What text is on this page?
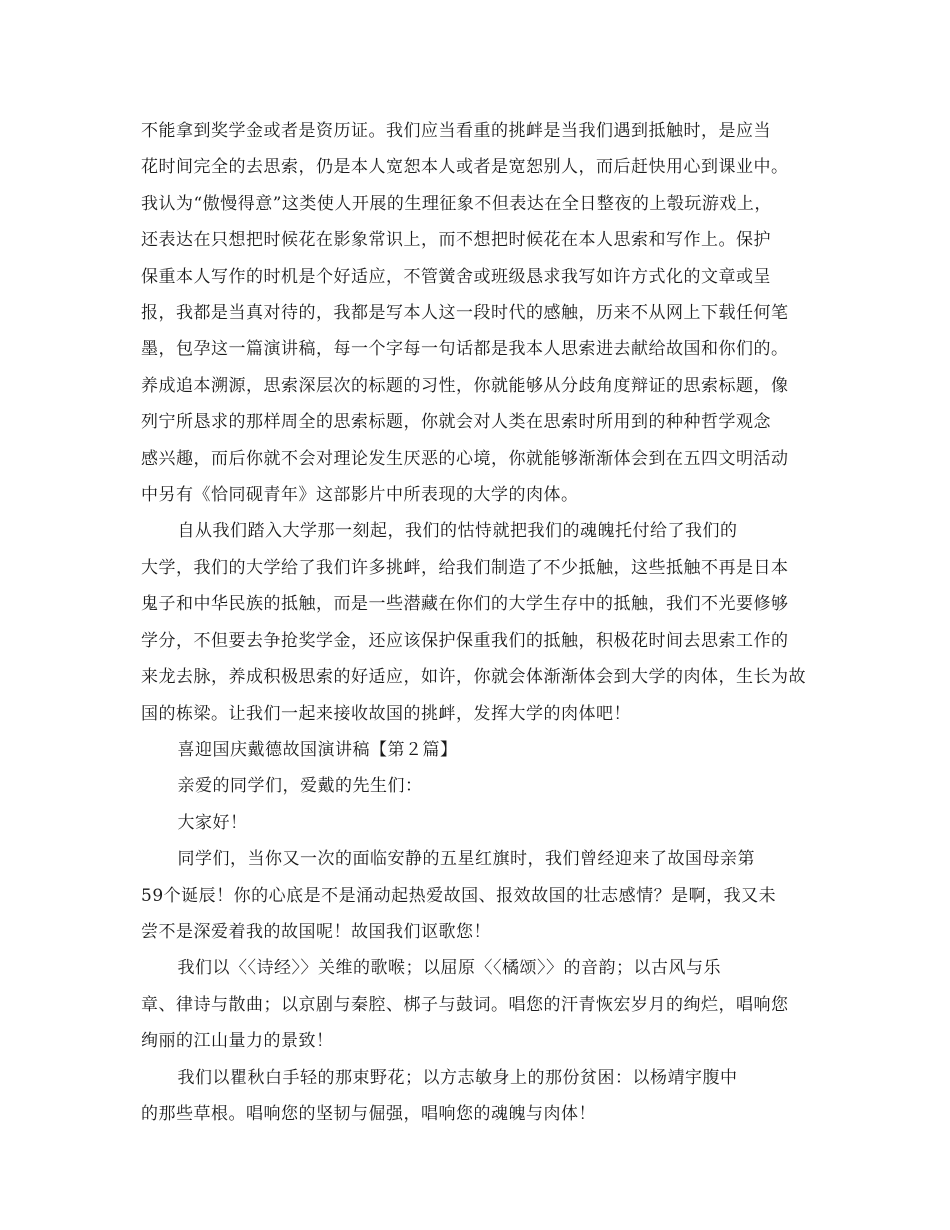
不能拿到奖学金或者是资历证。我们应当看重的挑衅是当我们遇到抵触时，是应当
花时间完全的去思索，仍是本人宽恕本人或者是宽恕别人，而后赶快用心到课业中。
我认为“傲慢得意”这类使人开展的生理征象不但表达在全日整夜的上彀玩游戏上，
还表达在只想把时候花在影象常识上，而不想把时候花在本人思索和写作上。保护
保重本人写作的时机是个好适应，不管黉舍或班级恳求我写如许方式化的文章或呈
报，我都是当真对待的，我都是写本人这一段时代的感触，历来不从网上下载任何笔
墨，包孕这一篇演讲稿，每一个字每一句话都是我本人思索进去献给故国和你们的。
养成追本溯源，思索深层次的标题的习性，你就能够从分歧角度辩证的思索标题，像
列宁所恳求的那样周全的思索标题，你就会对人类在思索时所用到的种种哲学观念
感兴趣，而后你就不会对理论发生厌恶的心境，你就能够渐渐体会到在五四文明活动
中另有《恰同砚青年》这部影片中所表现的大学的肉体。

自从我们踏入大学那一刻起，我们的怙恃就把我们的魂魄托付给了我们的
大学，我们的大学给了我们许多挑衅，给我们制造了不少抵触，这些抵触不再是日本
鬼子和中华民族的抵触，而是一些潜藏在你们的大学生存中的抵触，我们不光要修够
学分，不但要去争抢奖学金，还应该保护保重我们的抵触，积极花时间去思索工作的
来龙去脉，养成积极思索的好适应，如许，你就会体渐渐体会到大学的肉体，生长为故
国的栋梁。让我们一起来接收故国的挑衅，发挥大学的肉体吧！

喜迎国庆戴德故国演讲稿【第２篇】

亲爱的同学们，爱戴的先生们：

大家好！

同学们，当你又一次的面临安静的五星红旗时，我们曾经迎来了故国母亲第
59个诞辰！你的心底是不是涌动起热爱故国、报效故国的壮志感情？是啊，我又未
尝不是深爱着我的故国呢！故国我们讴歌您！

我们以〈〈诗经〉〉关维的歌喉；以屈原〈〈橘颂〉〉的音韵；以古风与乐
章、律诗与散曲；以京剧与秦腔、梆子与鼓词。唱您的汗青恢宏岁月的绚烂，唱响您
绚丽的江山量力的景致！

我们以瞿秋白手轻的那束野花；以方志敏身上的那份贫困：以杨靖宇腹中
的那些草根。唱响您的坚韧与倔强，唱响您的魂魄与肉体！
